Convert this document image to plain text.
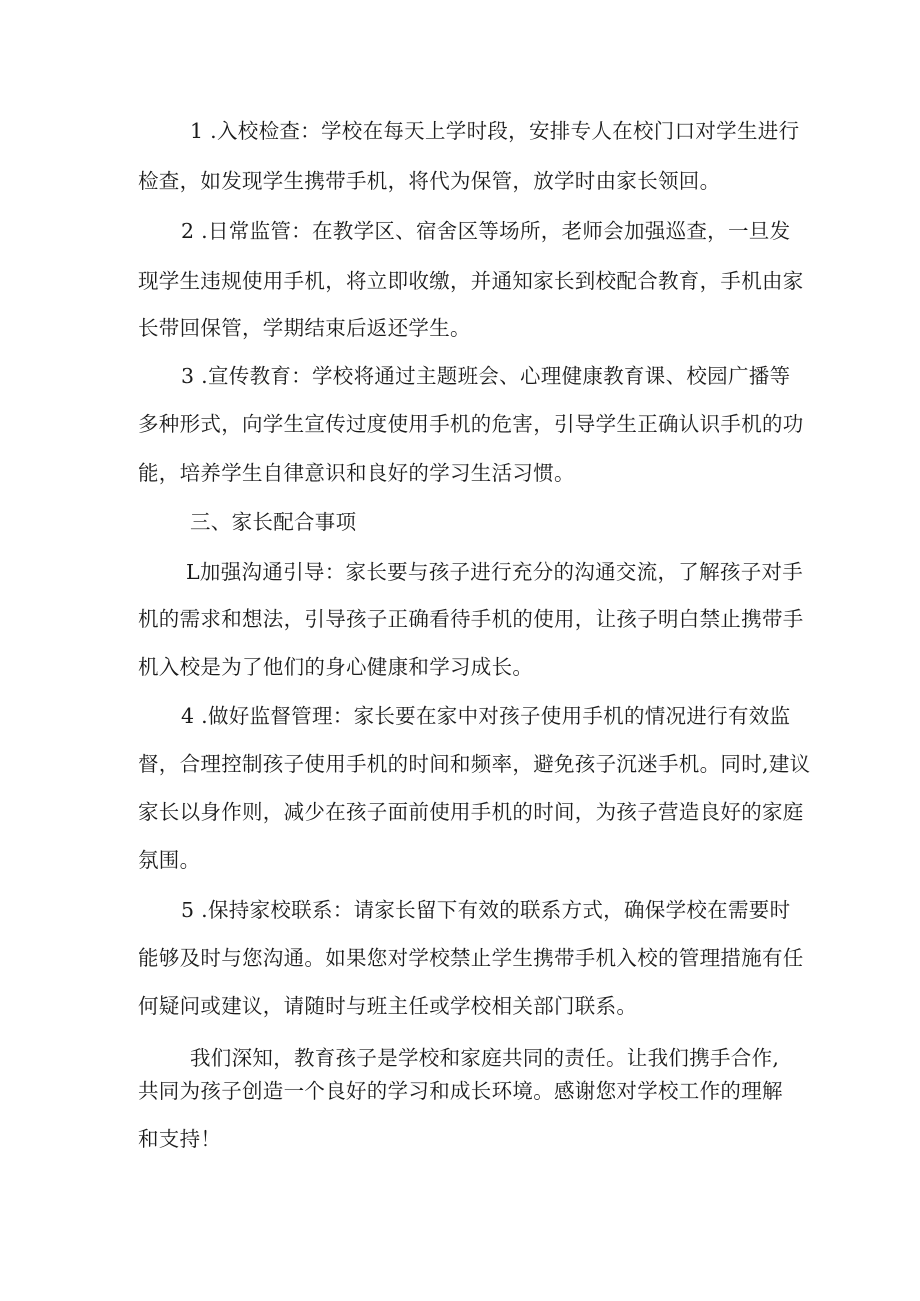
1 .入校检查：学校在每天上学时段，安排专人在校门口对学生进行
检查，如发现学生携带手机，将代为保管，放学时由家长领回。
2 .日常监管：在教学区、宿舍区等场所，老师会加强巡查，一旦发
现学生违规使用手机，将立即收缴，并通知家长到校配合教育，手机由家
长带回保管，学期结束后返还学生。
3 .宣传教育：学校将通过主题班会、心理健康教育课、校园广播等
多种形式，向学生宣传过度使用手机的危害，引导学生正确认识手机的功
能，培养学生自律意识和良好的学习生活习惯。
三、家长配合事项
L加强沟通引导：家长要与孩子进行充分的沟通交流，了解孩子对手
机的需求和想法，引导孩子正确看待手机的使用，让孩子明白禁止携带手
机入校是为了他们的身心健康和学习成长。
4 .做好监督管理：家长要在家中对孩子使用手机的情况进行有效监
督，合理控制孩子使用手机的时间和频率，避免孩子沉迷手机。同时,建议
家长以身作则，减少在孩子面前使用手机的时间，为孩子营造良好的家庭
氛围。
5 .保持家校联系：请家长留下有效的联系方式，确保学校在需要时
能够及时与您沟通。如果您对学校禁止学生携带手机入校的管理措施有任
何疑问或建议，请随时与班主任或学校相关部门联系。
我们深知，教育孩子是学校和家庭共同的责任。让我们携手合作,
共同为孩子创造一个良好的学习和成长环境。感谢您对学校工作的理解
和支持！
